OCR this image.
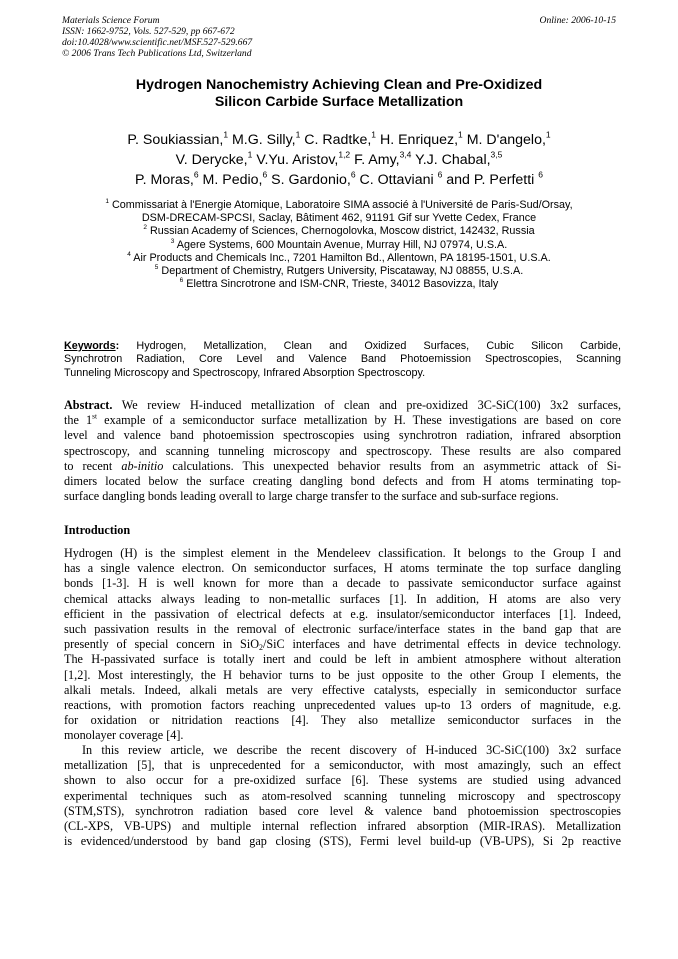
Materials Science Forum
ISSN: 1662-9752, Vols. 527-529, pp 667-672
doi:10.4028/www.scientific.net/MSF.527-529.667
© 2006 Trans Tech Publications Ltd, Switzerland
Online: 2006-10-15
Hydrogen Nanochemistry Achieving Clean and Pre-Oxidized
Silicon Carbide Surface Metallization
P. Soukiassian,$^1$ M.G. Silly,$^1$ C. Radtke,$^1$ H. Enriquez,$^1$ M. D'angelo,$^1$
V. Derycke,$^1$ V.Yu. Aristov,$^{1,2}$ F. Amy,$^{3,4}$ Y.J. Chabal,$^{3,5}$
P. Moras,$^6$ M. Pedio,$^6$ S. Gardonio,$^6$ C. Ottaviani $^6$ and P. Perfetti $^6$
$^1$ Commissariat à l'Energie Atomique, Laboratoire SIMA associé à l'Université de Paris-Sud/Orsay,
DSM-DRECAM-SPCSI, Saclay, Bâtiment 462, 91191 Gif sur Yvette Cedex, France
$^2$ Russian Academy of Sciences, Chernogolovka, Moscow district, 142432, Russia
$^3$ Agere Systems, 600 Mountain Avenue, Murray Hill, NJ 07974, U.S.A.
$^4$ Air Products and Chemicals Inc., 7201 Hamilton Bd., Allentown, PA 18195-1501, U.S.A.
$^5$ Department of Chemistry, Rutgers University, Piscataway, NJ 08855, U.S.A.
$^6$ Elettra Sincrotrone and ISM-CNR, Trieste, 34012 Basovizza, Italy
Keywords: Hydrogen, Metallization, Clean and Oxidized Surfaces, Cubic Silicon Carbide,
Synchrotron Radiation, Core Level and Valence Band Photoemission Spectroscopies, Scanning
Tunneling Microscopy and Spectroscopy, Infrared Absorption Spectroscopy.
Abstract. We review H-induced metallization of clean and pre-oxidized 3C-SiC(100) 3x2 surfaces,
the 1st example of a semiconductor surface metallization by H. These investigations are based on core
level and valence band photoemission spectroscopies using synchrotron radiation, infrared absorption
spectroscopy, and scanning tunneling microscopy and spectroscopy. These results are also compared
to recent ab-initio calculations. This unexpected behavior results from an asymmetric attack of Si-
dimers located below the surface creating dangling bond defects and from H atoms terminating top-
surface dangling bonds leading overall to large charge transfer to the surface and sub-surface regions.
Introduction
Hydrogen (H) is the simplest element in the Mendeleev classification. It belongs to the Group I and
has a single valence electron. On semiconductor surfaces, H atoms terminate the top surface dangling
bonds [1-3]. H is well known for more than a decade to passivate semiconductor surface against
chemical attacks always leading to non-metallic surfaces [1]. In addition, H atoms are also very
efficient in the passivation of electrical defects at e.g. insulator/semiconductor interfaces [1]. Indeed,
such passivation results in the removal of electronic surface/interface states in the band gap that are
presently of special concern in SiO$_2$/SiC interfaces and have detrimental effects in device technology.
The H-passivated surface is totally inert and could be left in ambient atmosphere without alteration
[1,2]. Most interestingly, the H behavior turns to be just opposite to the other Group I elements, the
alkali metals. Indeed, alkali metals are very effective catalysts, especially in semiconductor surface
reactions, with promotion factors reaching unprecedented values up-to 13 orders of magnitude, e.g.
for oxidation or nitridation reactions [4]. They also metallize semiconductor surfaces in the
monolayer coverage [4].
In this review article, we describe the recent discovery of H-induced 3C-SiC(100) 3x2 surface
metallization [5], that is unprecedented for a semiconductor, with most amazingly, such an effect
shown to also occur for a pre-oxidized surface [6]. These systems are studied using advanced
experimental techniques such as atom-resolved scanning tunneling microscopy and spectroscopy
(STM,STS), synchrotron radiation based core level & valence band photoemission spectroscopies
(CL-XPS, VB-UPS) and multiple internal reflection infrared absorption (MIR-IRAS). Metallization
is evidenced/understood by band gap closing (STS), Fermi level build-up (VB-UPS), Si 2p reactive
